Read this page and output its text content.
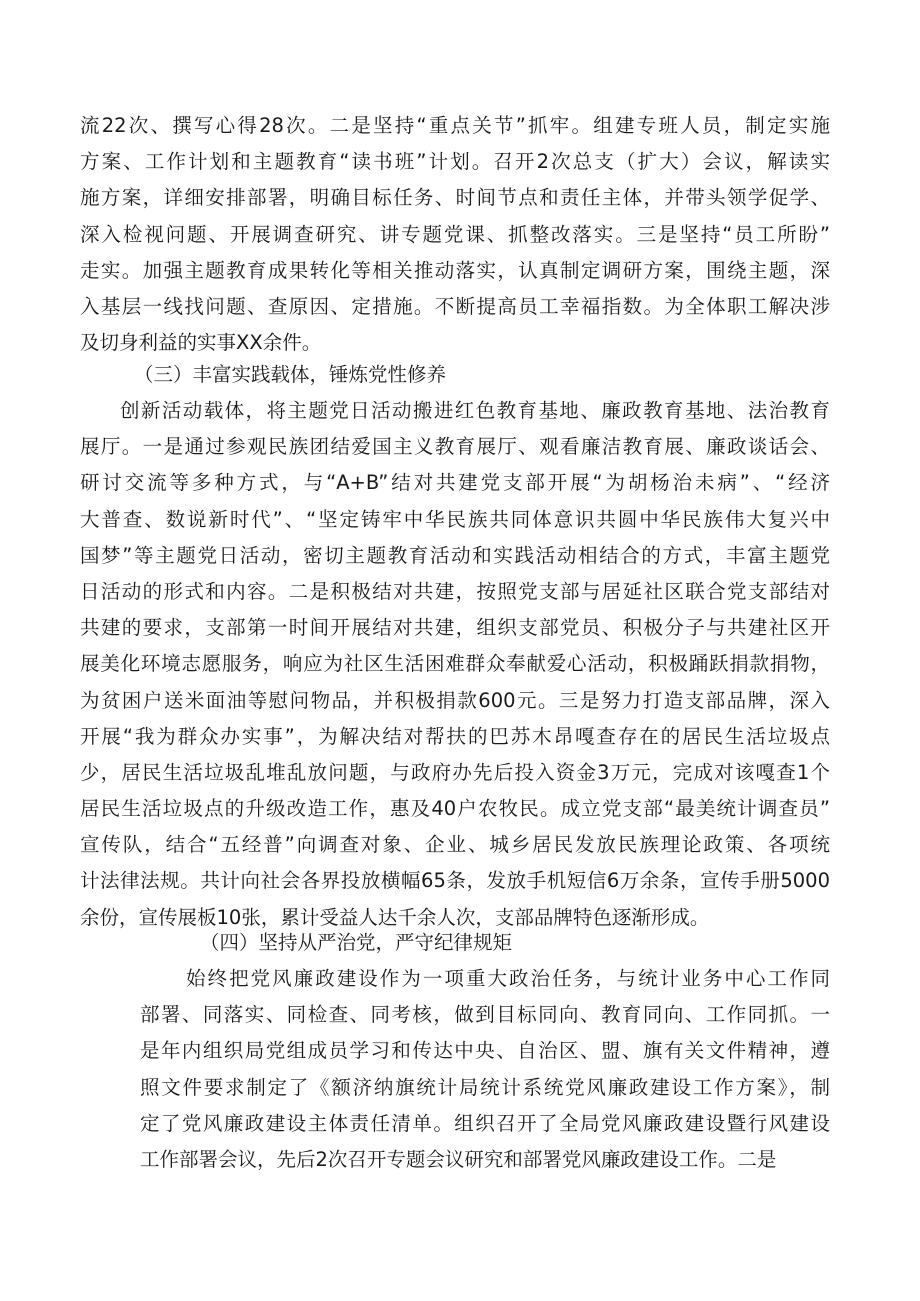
流22次、撰写心得28次。二是坚持“重点关节”抓牢。组建专班人员，制定实施
方案、工作计划和主题教育“读书班”计划。召开2次总支（扩大）会议，解读实
施方案，详细安排部署，明确目标任务、时间节点和责任主体，并带头领学促学、
深入检视问题、开展调查研究、讲专题党课、抓整改落实。三是坚持“员工所盼”
走实。加强主题教育成果转化等相关推动落实，认真制定调研方案，围绕主题，深
入基层一线找问题、查原因、定措施。不断提高员工幸福指数。为全体职工解决涉
及切身利益的实事XX余件。
（三）丰富实践载体，锤炼党性修养
创新活动载体，将主题党日活动搬进红色教育基地、廉政教育基地、法治教育
展厅。一是通过参观民族团结爱国主义教育展厅、观看廉洁教育展、廉政谈话会、
研讨交流等多种方式，与“A+B”结对共建党支部开展“为胡杨治未病”、“经济
大普查、数说新时代”、“坚定铸牢中华民族共同体意识共圆中华民族伟大复兴中
国梦”等主题党日活动，密切主题教育活动和实践活动相结合的方式，丰富主题党
日活动的形式和内容。二是积极结对共建，按照党支部与居延社区联合党支部结对
共建的要求，支部第一时间开展结对共建，组织支部党员、积极分子与共建社区开
展美化环境志愿服务，响应为社区生活困难群众奉献爱心活动，积极踊跃捐款捐物，
为贫困户送米面油等慰问物品，并积极捐款600元。三是努力打造支部品牌，深入
开展“我为群众办实事”，为解决结对帮扶的巴苏木昂嘎查存在的居民生活垃圾点
少，居民生活垃圾乱堆乱放问题，与政府办先后投入资金3万元，完成对该嘎查1个
居民生活垃圾点的升级改造工作，惠及40户农牧民。成立党支部“最美统计调查员”
宣传队，结合“五经普”向调查对象、企业、城乡居民发放民族理论政策、各项统
计法律法规。共计向社会各界投放横幅65条，发放手机短信6万余条，宣传手册5000
余份，宣传展板10张，累计受益人达千余人次，支部品牌特色逐渐形成。
（四）坚持从严治党，严守纪律规矩
始终把党风廉政建设作为一项重大政治任务，与统计业务中心工作同
部署、同落实、同检查、同考核，做到目标同向、教育同向、工作同抓。一
是年内组织局党组成员学习和传达中央、自治区、盟、旗有关文件精神，遵
照文件要求制定了《额济纳旗统计局统计系统党风廉政建设工作方案》，制
定了党风廉政建设主体责任清单。组织召开了全局党风廉政建设暨行风建设
工作部署会议，先后2次召开专题会议研究和部署党风廉政建设工作。二是
